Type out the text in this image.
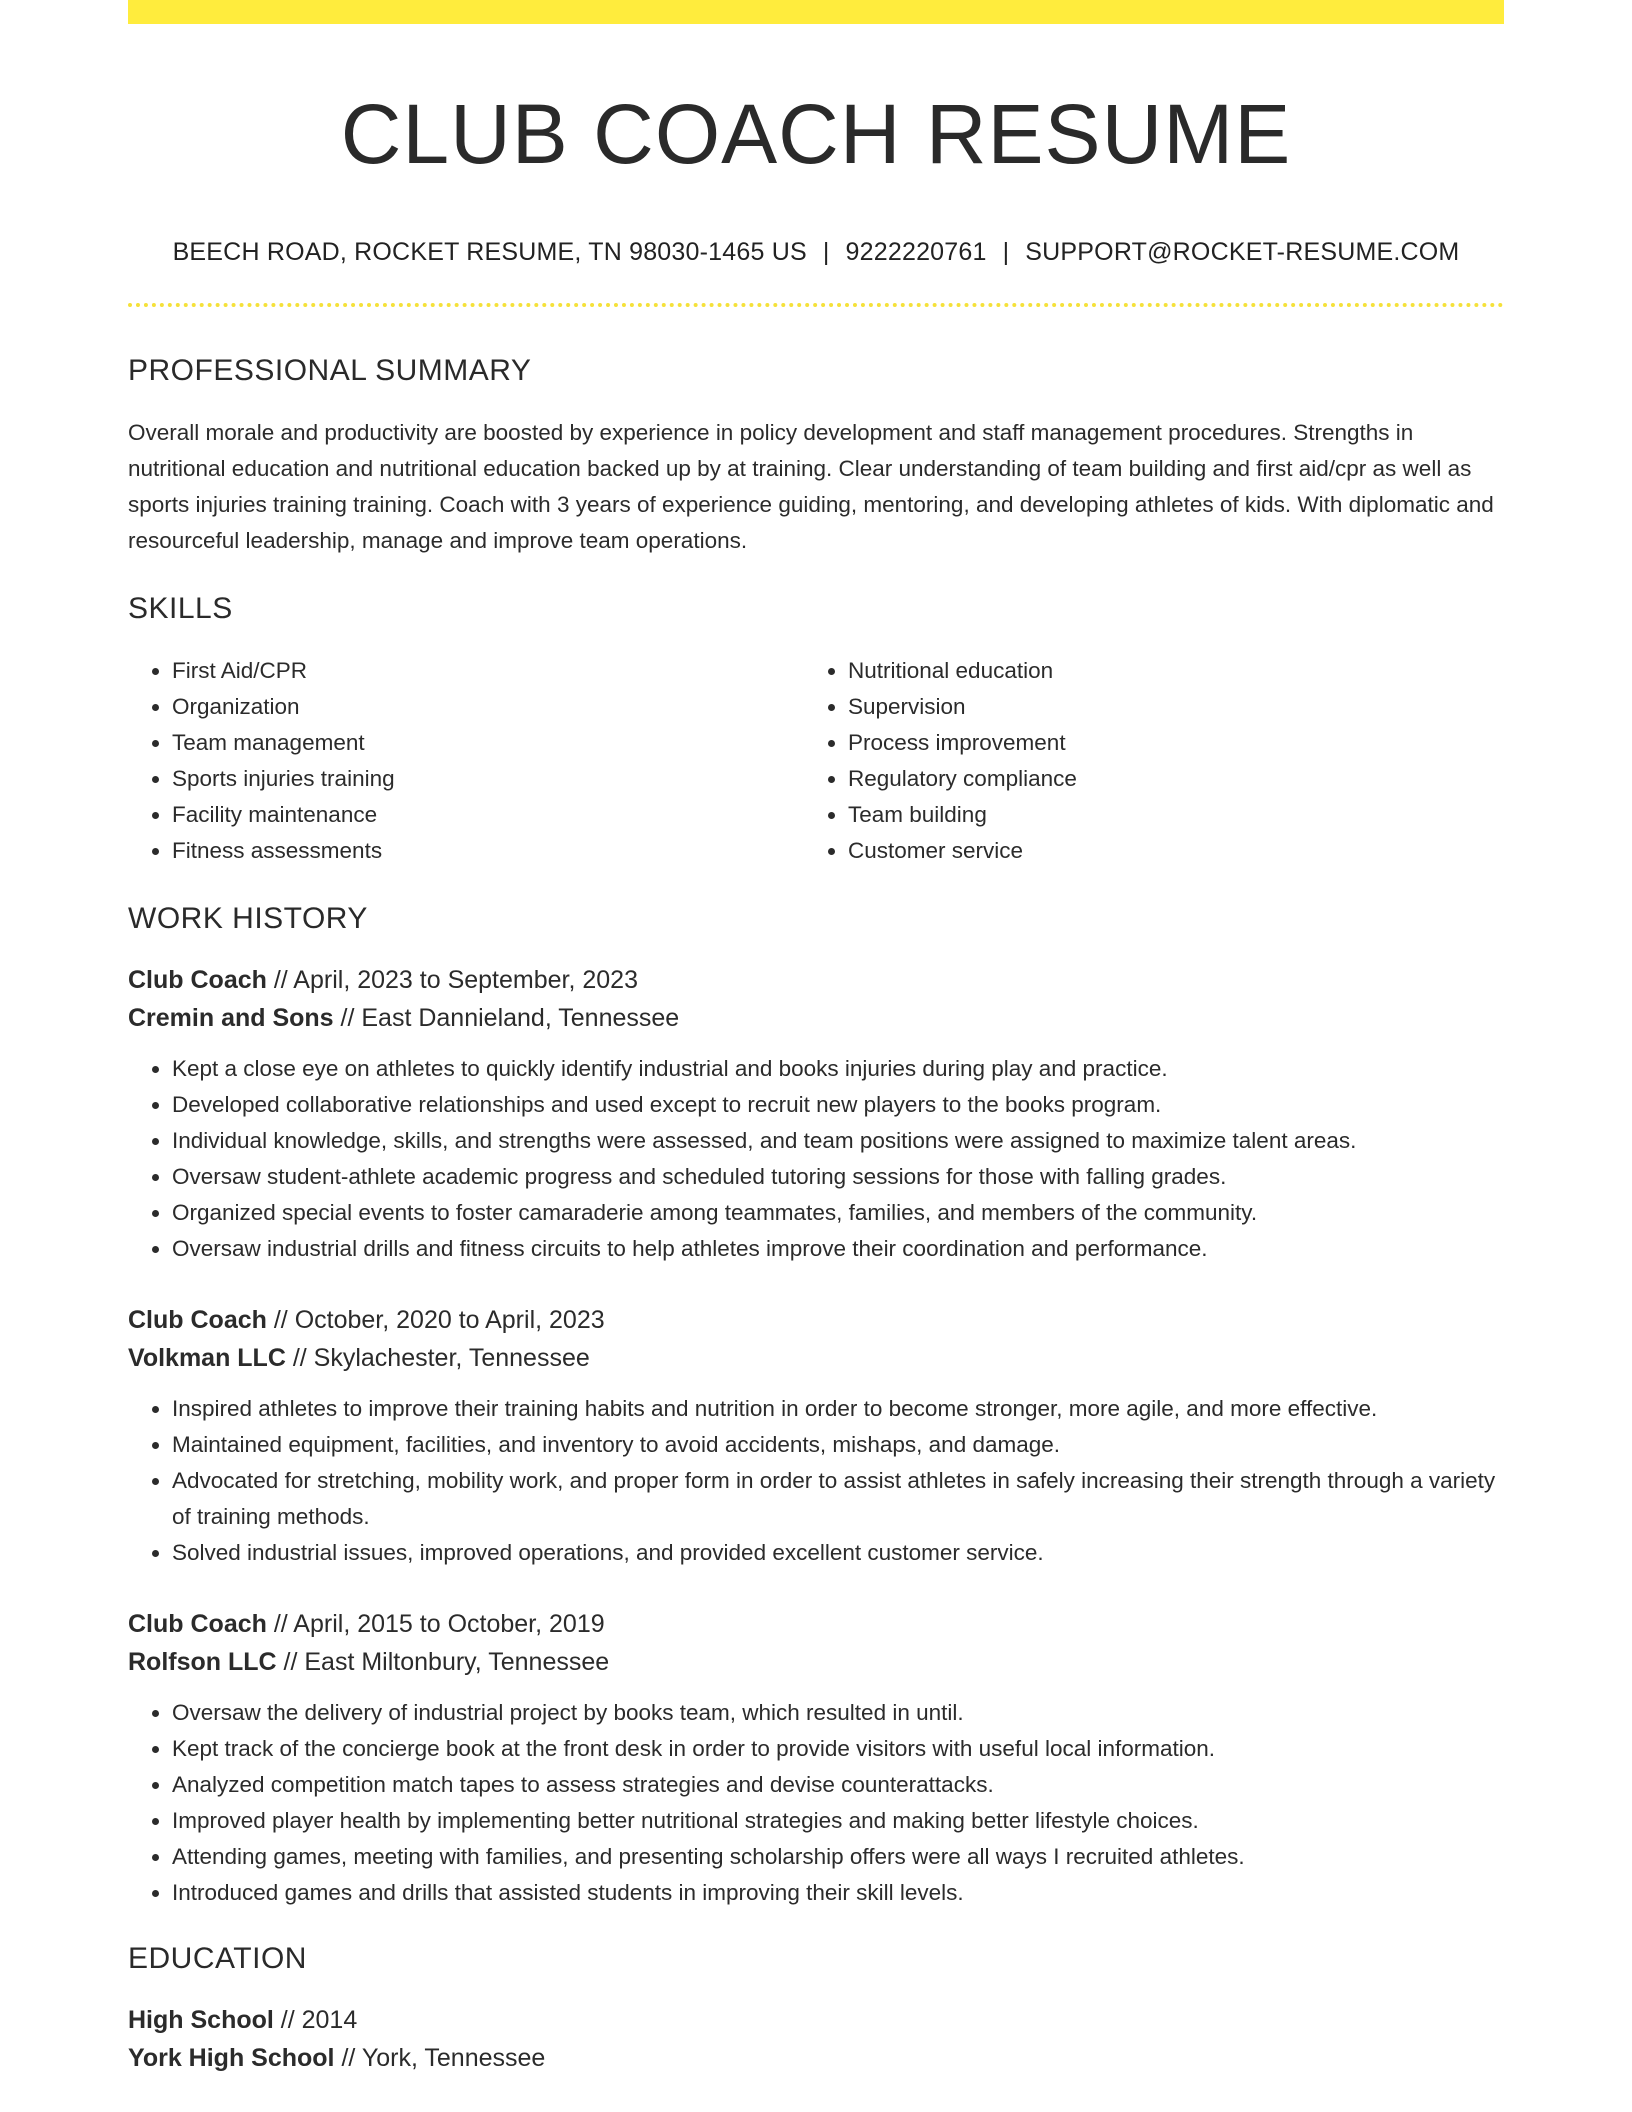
CLUB COACH RESUME
BEECH ROAD, ROCKET RESUME, TN 98030-1465 US | 9222220761 | SUPPORT@ROCKET-RESUME.COM
PROFESSIONAL SUMMARY

Overall morale and productivity are boosted by experience in policy development and staff management procedures. Strengths in nutritional education and nutritional education backed up by at training. Clear understanding of team building and first aid/cpr as well as sports injuries training training. Coach with 3 years of experience guiding, mentoring, and developing athletes of kids. With diplomatic and resourceful leadership, manage and improve team operations.

SKILLS
• First Aid/CPR
• Organization
• Team management
• Sports injuries training
• Facility maintenance
• Fitness assessments
• Nutritional education
• Supervision
• Process improvement
• Regulatory compliance
• Team building
• Customer service
WORK HISTORY
Club Coach // April, 2023 to September, 2023
Cremin and Sons // East Dannieland, Tennessee
• Kept a close eye on athletes to quickly identify industrial and books injuries during play and practice.
• Developed collaborative relationships and used except to recruit new players to the books program.
• Individual knowledge, skills, and strengths were assessed, and team positions were assigned to maximize talent areas.
• Oversaw student-athlete academic progress and scheduled tutoring sessions for those with falling grades.
• Organized special events to foster camaraderie among teammates, families, and members of the community.
• Oversaw industrial drills and fitness circuits to help athletes improve their coordination and performance.
Club Coach // October, 2020 to April, 2023
Volkman LLC // Skylachester, Tennessee
• Inspired athletes to improve their training habits and nutrition in order to become stronger, more agile, and more effective.
• Maintained equipment, facilities, and inventory to avoid accidents, mishaps, and damage.
• Advocated for stretching, mobility work, and proper form in order to assist athletes in safely increasing their strength through a variety of training methods.
• Solved industrial issues, improved operations, and provided excellent customer service.
Club Coach // April, 2015 to October, 2019
Rolfson LLC // East Miltonbury, Tennessee
• Oversaw the delivery of industrial project by books team, which resulted in until.
• Kept track of the concierge book at the front desk in order to provide visitors with useful local information.
• Analyzed competition match tapes to assess strategies and devise counterattacks.
• Improved player health by implementing better nutritional strategies and making better lifestyle choices.
• Attending games, meeting with families, and presenting scholarship offers were all ways I recruited athletes.
• Introduced games and drills that assisted students in improving their skill levels.
EDUCATION
High School // 2014
York High School // York, Tennessee
